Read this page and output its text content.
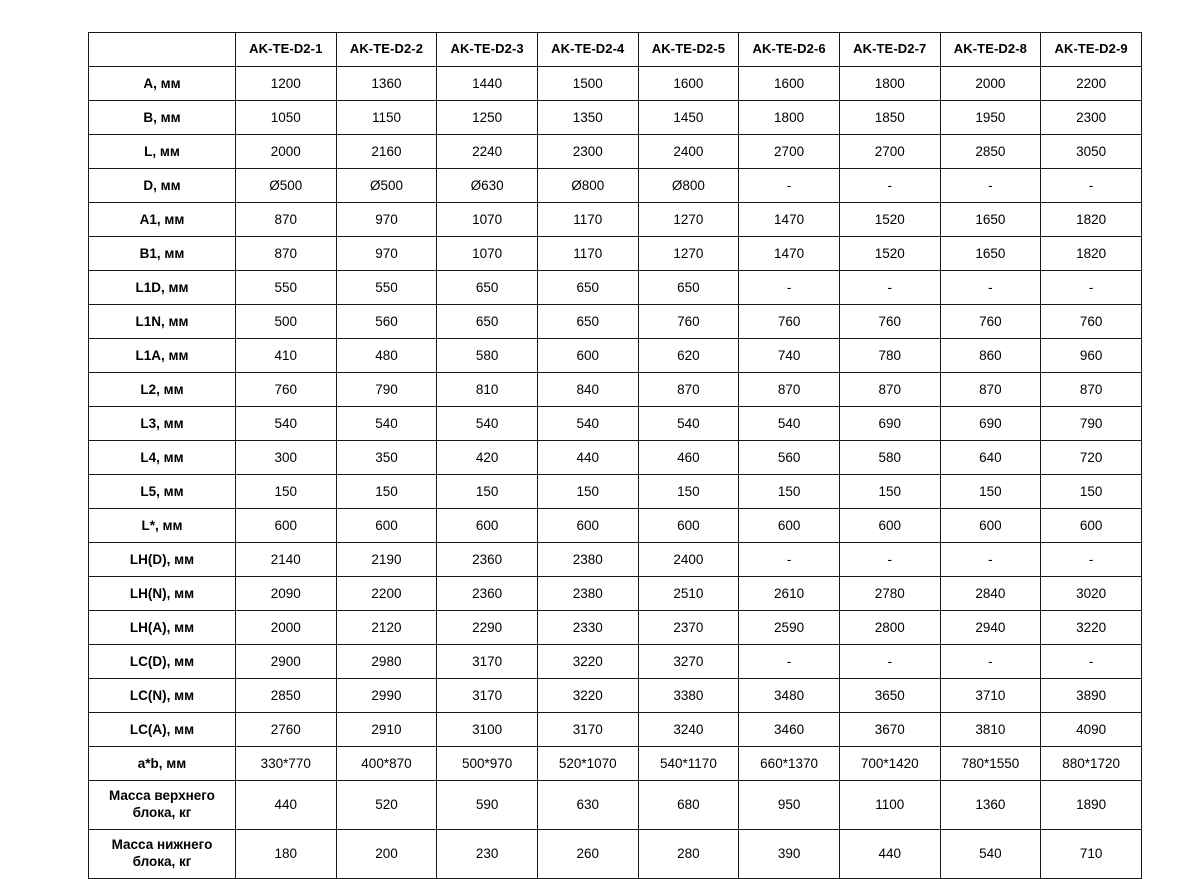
	AK-TE-D2-1	AK-TE-D2-2	AK-TE-D2-3	AK-TE-D2-4	AK-TE-D2-5	AK-TE-D2-6	AK-TE-D2-7	AK-TE-D2-8	AK-TE-D2-9
A, мм	1200	1360	1440	1500	1600	1600	1800	2000	2200
B, мм	1050	1150	1250	1350	1450	1800	1850	1950	2300
L, мм	2000	2160	2240	2300	2400	2700	2700	2850	3050
D, мм	Ø500	Ø500	Ø630	Ø800	Ø800	-	-	-	-
A1, мм	870	970	1070	1170	1270	1470	1520	1650	1820
B1, мм	870	970	1070	1170	1270	1470	1520	1650	1820
L1D, мм	550	550	650	650	650	-	-	-	-
L1N, мм	500	560	650	650	760	760	760	760	760
L1A, мм	410	480	580	600	620	740	780	860	960
L2, мм	760	790	810	840	870	870	870	870	870
L3, мм	540	540	540	540	540	540	690	690	790
L4, мм	300	350	420	440	460	560	580	640	720
L5, мм	150	150	150	150	150	150	150	150	150
L*, мм	600	600	600	600	600	600	600	600	600
LH(D), мм	2140	2190	2360	2380	2400	-	-	-	-
LH(N), мм	2090	2200	2360	2380	2510	2610	2780	2840	3020
LH(A), мм	2000	2120	2290	2330	2370	2590	2800	2940	3220
LC(D), мм	2900	2980	3170	3220	3270	-	-	-	-
LC(N), мм	2850	2990	3170	3220	3380	3480	3650	3710	3890
LC(A), мм	2760	2910	3100	3170	3240	3460	3670	3810	4090
a*b, мм	330*770	400*870	500*970	520*1070	540*1170	660*1370	700*1420	780*1550	880*1720
Масса верхнего блока, кг	440	520	590	630	680	950	1100	1360	1890
Масса нижнего блока, кг	180	200	230	260	280	390	440	540	710
